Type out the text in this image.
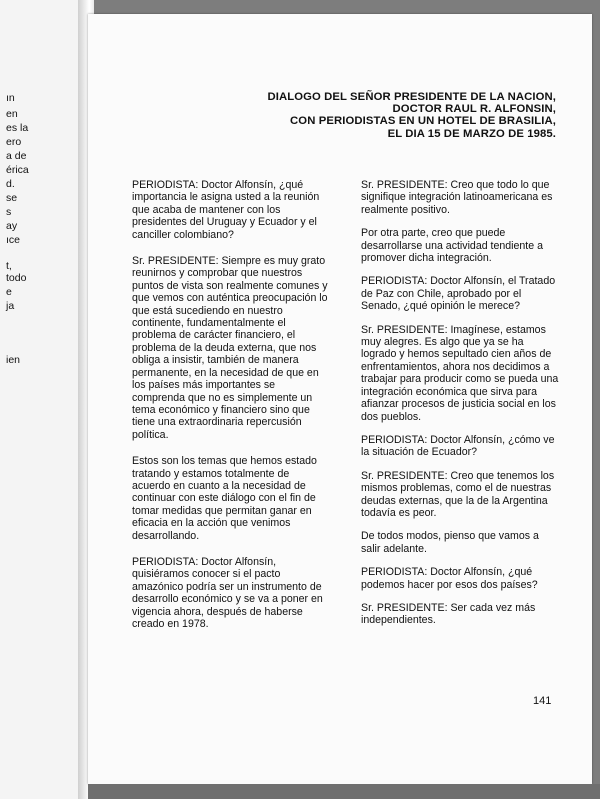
ın
en
es la
ero
a de
érica
d.
se
s
ay
ıce
t,
todo
e
ja
ien
DIALOGO DEL SEÑOR PRESIDENTE DE LA NACION,
DOCTOR RAUL R. ALFONSIN,
CON PERIODISTAS EN UN HOTEL DE BRASILIA,
EL DIA 15 DE MARZO DE 1985.

PERIODISTA: Doctor Alfonsín, ¿qué importancia le asigna usted a la reunión que acaba de mantener con los presidentes del Uruguay y Ecuador y el canciller colombiano?

Sr. PRESIDENTE: Siempre es muy grato reunirnos y comprobar que nuestros puntos de vista son realmente comunes y que vemos con auténtica preocupación lo que está sucediendo en nuestro continente, fundamentalmente el problema de carácter financiero, el problema de la deuda externa, que nos obliga a insistir, también de manera permanente, en la necesidad de que en los países más importantes se comprenda que no es simplemente un tema económico y financiero sino que tiene una extraordinaria repercusión política.

Estos son los temas que hemos estado tratando y estamos totalmente de acuerdo en cuanto a la necesidad de continuar con este diálogo con el fin de tomar medidas que permitan ganar en eficacia en la acción que venimos desarrollando.

PERIODISTA: Doctor Alfonsín, quisiéramos conocer si el pacto amazónico podría ser un instrumento de desarrollo económico y se va a poner en vigencia ahora, después de haberse creado en 1978.

Sr. PRESIDENTE: Creo que todo lo que signifique integración latinoamericana es realmente positivo.

Por otra parte, creo que puede desarrollarse una actividad tendiente a promover dicha integración.

PERIODISTA: Doctor Alfonsín, el Tratado de Paz con Chile, aprobado por el Senado, ¿qué opinión le merece?

Sr. PRESIDENTE: Imagínese, estamos muy alegres. Es algo que ya se ha logrado y hemos sepultado cien años de enfrentamientos, ahora nos decidimos a trabajar para producir como se pueda una integración económica que sirva para afianzar procesos de justicia social en los dos pueblos.

PERIODISTA: Doctor Alfonsín, ¿cómo ve la situación de Ecuador?

Sr. PRESIDENTE: Creo que tenemos los mismos problemas, como el de nuestras deudas externas, que la de la Argentina todavía es peor.

De todos modos, pienso que vamos a salir adelante.

PERIODISTA: Doctor Alfonsín, ¿qué podemos hacer por esos dos países?

Sr. PRESIDENTE: Ser cada vez más independientes.

141
